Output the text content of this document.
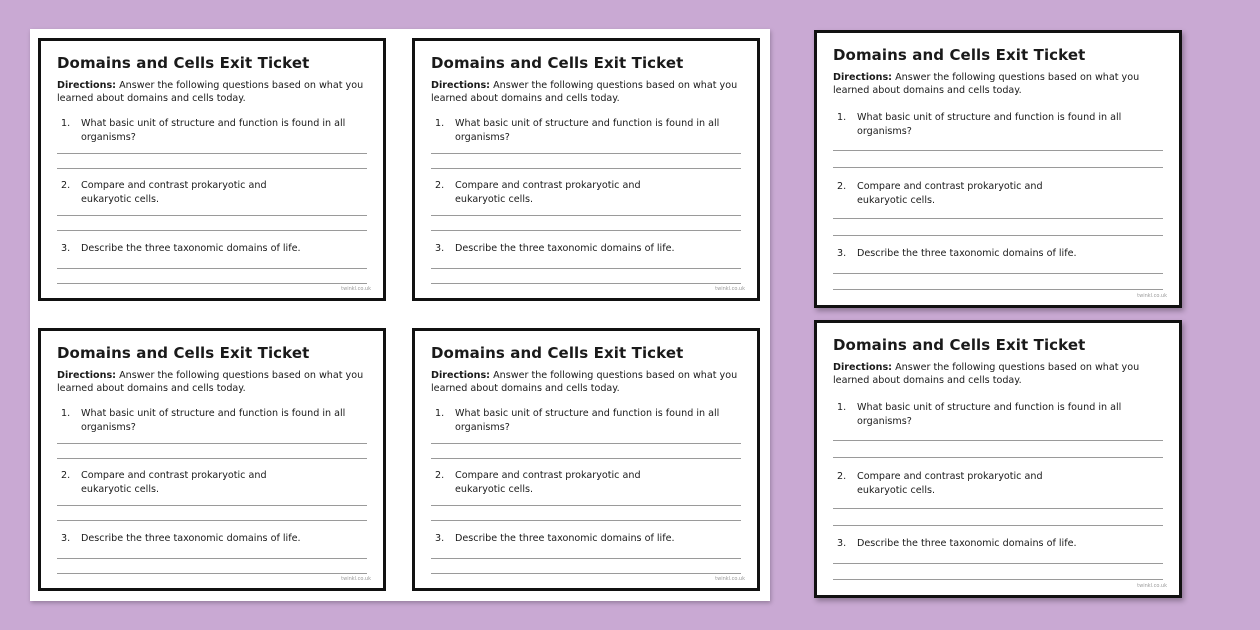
Domains and Cells Exit Ticket
Directions: Answer the following questions based on what you learned about domains and cells today.
1. What basic unit of structure and function is found in all organisms?
2. Compare and contrast prokaryotic and eukaryotic cells.
3. Describe the three taxonomic domains of life.
twinkl.co.uk
Domains and Cells Exit Ticket
Directions: Answer the following questions based on what you learned about domains and cells today.
1. What basic unit of structure and function is found in all organisms?
2. Compare and contrast prokaryotic and eukaryotic cells.
3. Describe the three taxonomic domains of life.
twinkl.co.uk
Domains and Cells Exit Ticket
Directions: Answer the following questions based on what you learned about domains and cells today.
1. What basic unit of structure and function is found in all organisms?
2. Compare and contrast prokaryotic and eukaryotic cells.
3. Describe the three taxonomic domains of life.
twinkl.co.uk
Domains and Cells Exit Ticket
Directions: Answer the following questions based on what you learned about domains and cells today.
1. What basic unit of structure and function is found in all organisms?
2. Compare and contrast prokaryotic and eukaryotic cells.
3. Describe the three taxonomic domains of life.
twinkl.co.uk
Domains and Cells Exit Ticket
Directions: Answer the following questions based on what you learned about domains and cells today.
1. What basic unit of structure and function is found in all organisms?
2. Compare and contrast prokaryotic and eukaryotic cells.
3. Describe the three taxonomic domains of life.
twinkl.co.uk
Domains and Cells Exit Ticket
Directions: Answer the following questions based on what you learned about domains and cells today.
1. What basic unit of structure and function is found in all organisms?
2. Compare and contrast prokaryotic and eukaryotic cells.
3. Describe the three taxonomic domains of life.
twinkl.co.uk
